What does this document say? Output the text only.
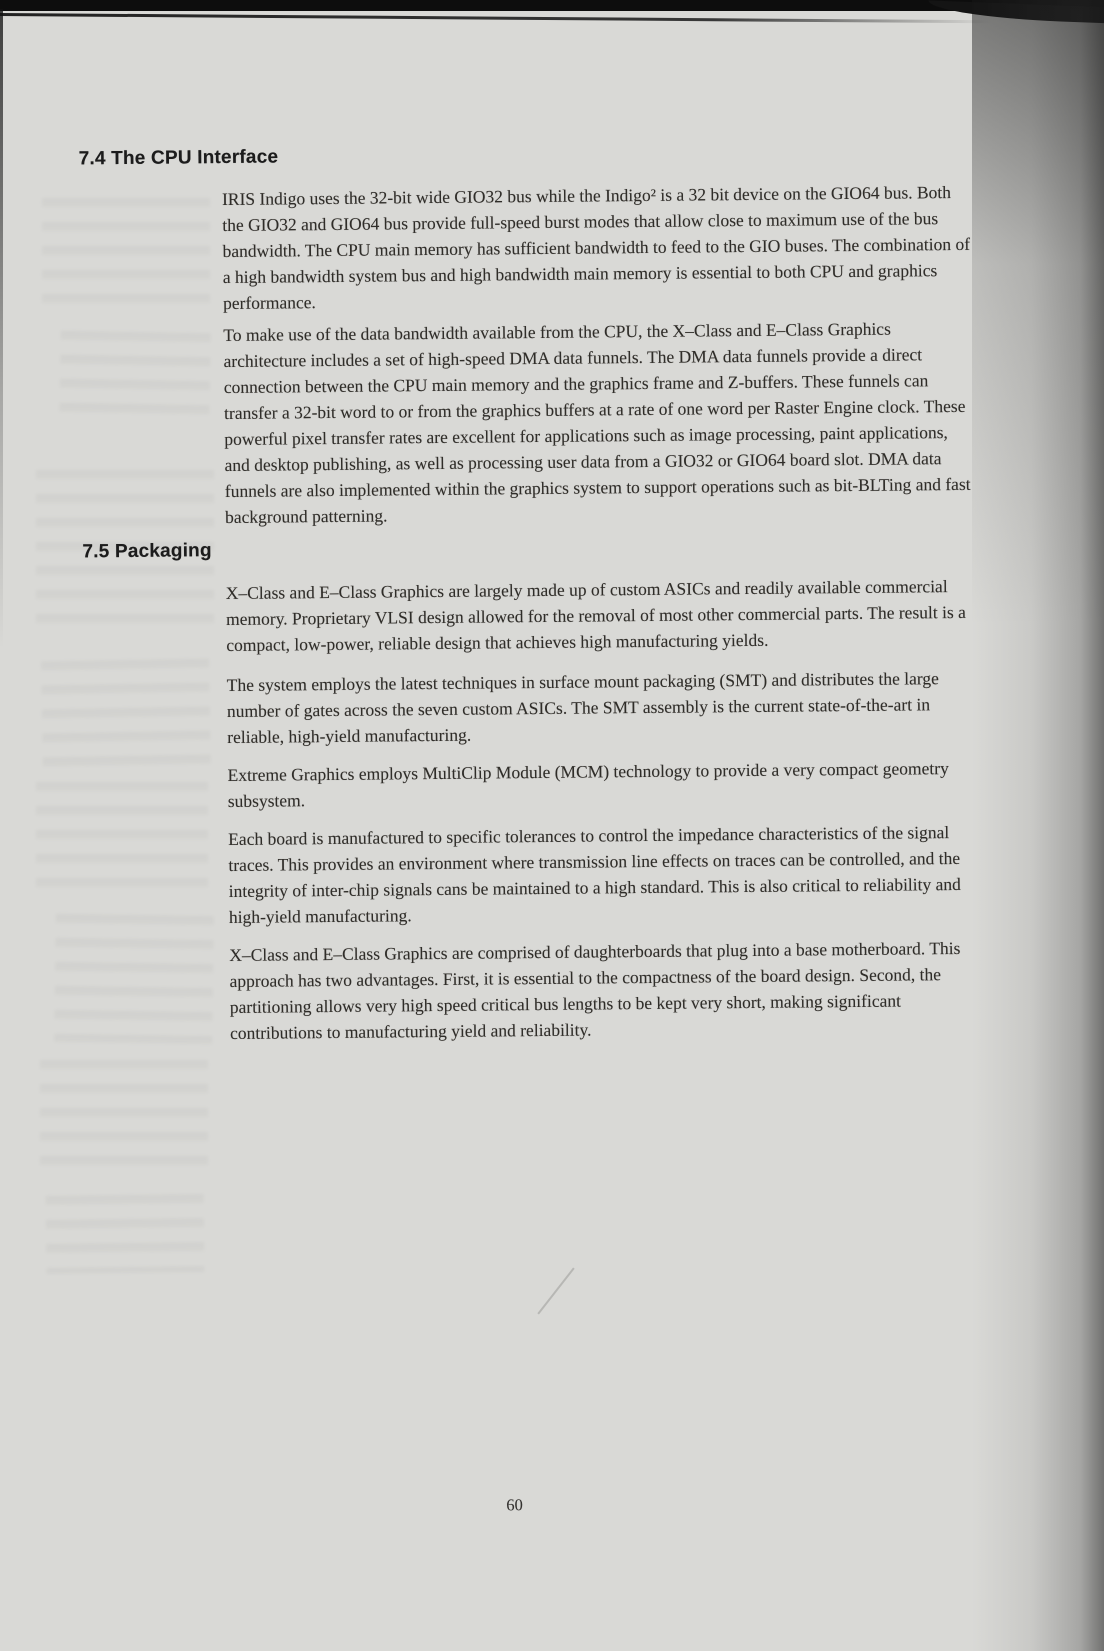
7.4 The CPU Interface

IRIS Indigo uses the 32-bit wide GIO32 bus while the Indigo² is a 32 bit device on the GIO64 bus. Both the GIO32 and GIO64 bus provide full-speed burst modes that allow close to maximum use of the bus bandwidth. The CPU main memory has sufficient bandwidth to feed to the GIO buses. The combination of a high bandwidth system bus and high bandwidth main memory is essential to both CPU and graphics performance.

To make use of the data bandwidth available from the CPU, the X–Class and E–Class Graphics architecture includes a set of high-speed DMA data funnels. The DMA data funnels provide a direct connection between the CPU main memory and the graphics frame and Z-buffers. These funnels can transfer a 32-bit word to or from the graphics buffers at a rate of one word per Raster Engine clock. These powerful pixel transfer rates are excellent for applications such as image processing, paint applications, and desktop publishing, as well as processing user data from a GIO32 or GIO64 board slot. DMA data funnels are also implemented within the graphics system to support operations such as bit-BLTing and fast background patterning.

7.5 Packaging

X–Class and E–Class Graphics are largely made up of custom ASICs and readily available commercial memory. Proprietary VLSI design allowed for the removal of most other commercial parts. The result is a compact, low-power, reliable design that achieves high manufacturing yields.

The system employs the latest techniques in surface mount packaging (SMT) and distributes the large number of gates across the seven custom ASICs. The SMT assembly is the current state-of-the-art in reliable, high-yield manufacturing.

Extreme Graphics employs MultiClip Module (MCM) technology to provide a very compact geometry subsystem.

Each board is manufactured to specific tolerances to control the impedance characteristics of the signal traces. This provides an environment where transmission line effects on traces can be controlled, and the integrity of inter-chip signals cans be maintained to a high standard. This is also critical to reliability and high-yield manufacturing.

X–Class and E–Class Graphics are comprised of daughterboards that plug into a base motherboard. This approach has two advantages. First, it is essential to the compactness of the board design. Second, the partitioning allows very high speed critical bus lengths to be kept very short, making significant contributions to manufacturing yield and reliability.

60
